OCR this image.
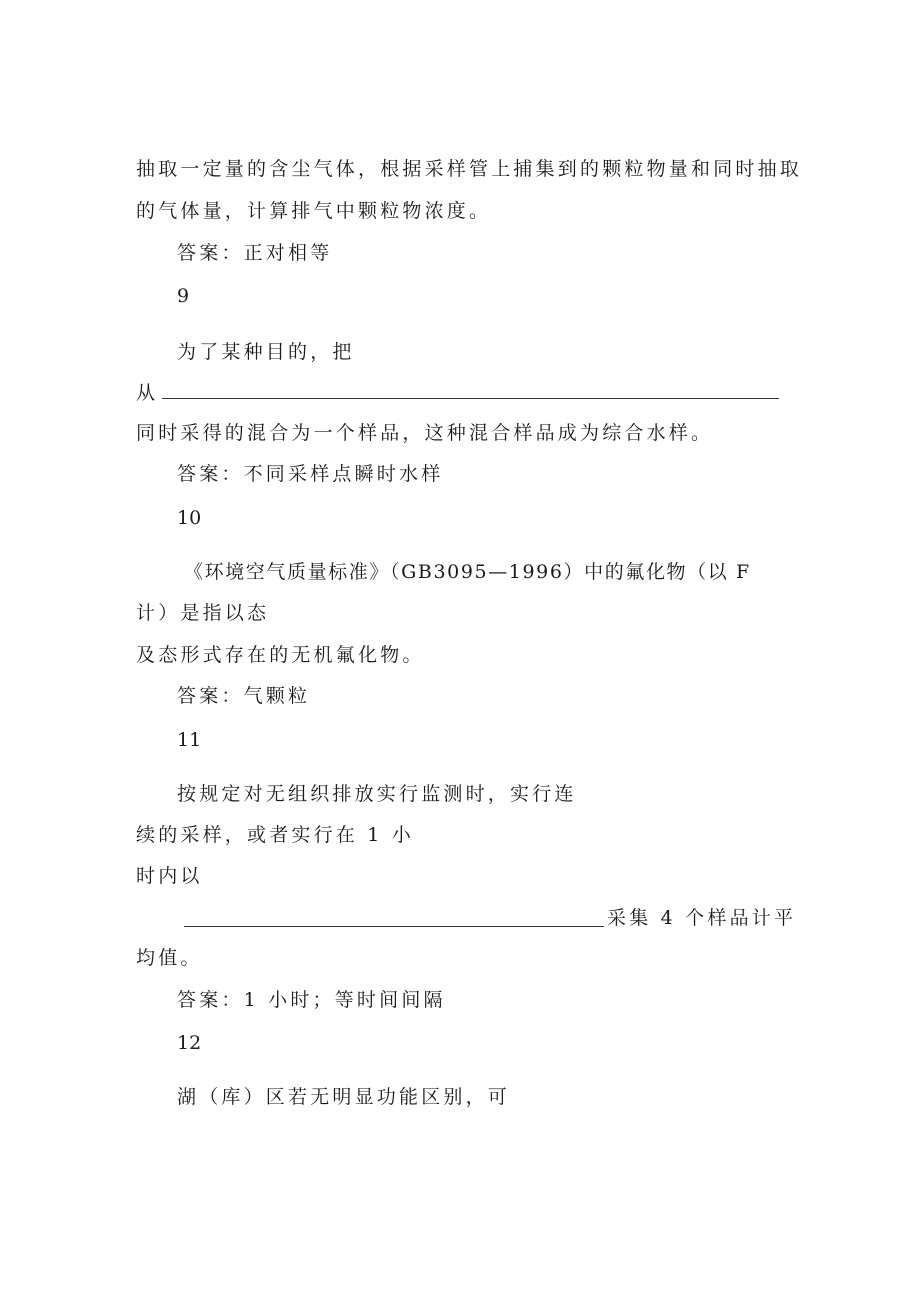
抽取一定量的含尘气体，根据采样管上捕集到的颗粒物量和同时抽取
的气体量，计算排气中颗粒物浓度。
答案：正对相等
9
为了某种目的，把
从
同时采得的混合为一个样品，这种混合样品成为综合水样。
答案：不同采样点瞬时水样
10
《环境空气质量标准》（GB3095—1996）中的氟化物（以 F
计）是指以态
及态形式存在的无机氟化物。
答案：气颗粒
11
按规定对无组织排放实行监测时，实行连
续的采样，或者实行在 1 小
时内以
采集 4 个样品计平
均值。
答案：1 小时；等时间间隔
12
湖（库）区若无明显功能区别，可
